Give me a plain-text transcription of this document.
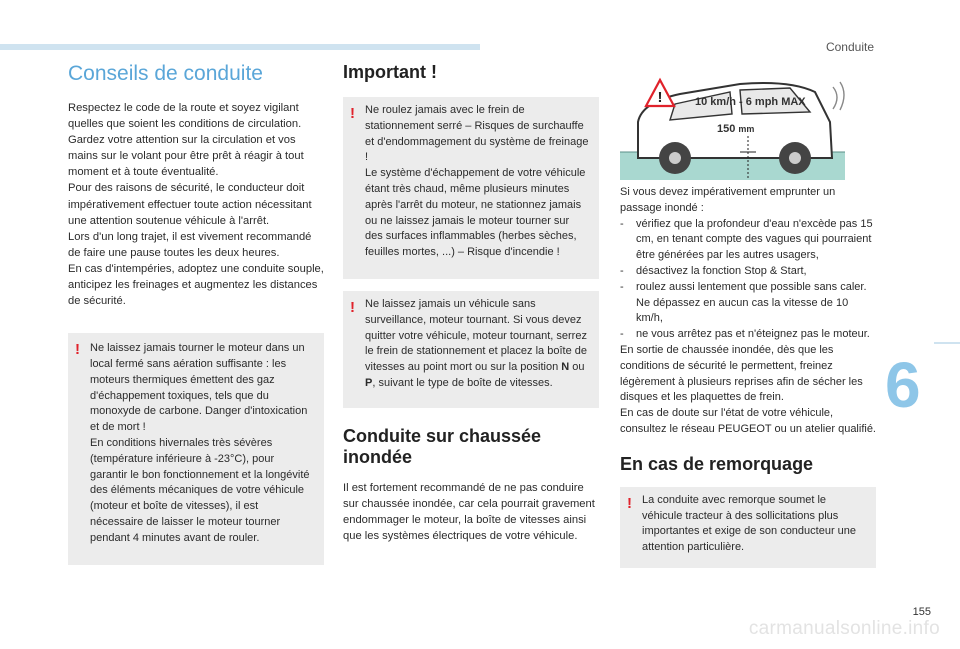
Conduite
6
Conseils de conduite

Respectez le code de la route et soyez vigilant quelles que soient les conditions de circulation.
Gardez votre attention sur la circulation et vos mains sur le volant pour être prêt à réagir à tout moment et à toute éventualité.
Pour des raisons de sécurité, le conducteur doit impérativement effectuer toute action nécessitant une attention soutenue véhicule à l'arrêt.
Lors d'un long trajet, il est vivement recommandé de faire une pause toutes les deux heures.
En cas d'intempéries, adoptez une conduite souple, anticipez les freinages et augmentez les distances de sécurité.

! Ne laissez jamais tourner le moteur dans un local fermé sans aération suffisante : les moteurs thermiques émettent des gaz d'échappement toxiques, tels que du monoxyde de carbone. Danger d'intoxication et de mort !
En conditions hivernales très sévères (température inférieure à -23°C), pour garantir le bon fonctionnement et la longévité des éléments mécaniques de votre véhicule (moteur et boîte de vitesses), il est nécessaire de laisser le moteur tourner pendant 4 minutes avant de rouler.

Important !
! Ne roulez jamais avec le frein de stationnement serré – Risques de surchauffe et d'endommagement du système de freinage !
Le système d'échappement de votre véhicule étant très chaud, même plusieurs minutes après l'arrêt du moteur, ne stationnez jamais ou ne laissez jamais le moteur tourner sur des surfaces inflammables (herbes sèches, feuilles mortes, ...) – Risque d'incendie !

! Ne laissez jamais un véhicule sans surveillance, moteur tournant. Si vous devez quitter votre véhicule, moteur tournant, serrez le frein de stationnement et placez la boîte de vitesses au point mort ou sur la position N ou P, suivant le type de boîte de vitesses.

Conduite sur chaussée inondée

Il est fortement recommandé de ne pas conduire sur chaussée inondée, car cela pourrait gravement endommager le moteur, la boîte de vitesses ainsi que les systèmes électriques de votre véhicule.

!	10 km/h - 6 mph MAX
150 mm

Si vous devez impérativement emprunter un passage inondé :

- vérifiez que la profondeur d'eau n'excède pas 15 cm, en tenant compte des vagues qui pourraient être générées par les autres usagers,
- désactivez la fonction Stop & Start,
- roulez aussi lentement que possible sans caler. Ne dépassez en aucun cas la vitesse de 10 km/h,
- ne vous arrêtez pas et n'éteignez pas le moteur.

En sortie de chaussée inondée, dès que les conditions de sécurité le permettent, freinez légèrement à plusieurs reprises afin de sécher les disques et les plaquettes de frein.
En cas de doute sur l'état de votre véhicule, consultez le réseau PEUGEOT ou un atelier qualifié.

En cas de remorquage
! La conduite avec remorque soumet le véhicule tracteur à des sollicitations plus importantes et exige de son conducteur une attention particulière.

155
carmanualsonline.info
